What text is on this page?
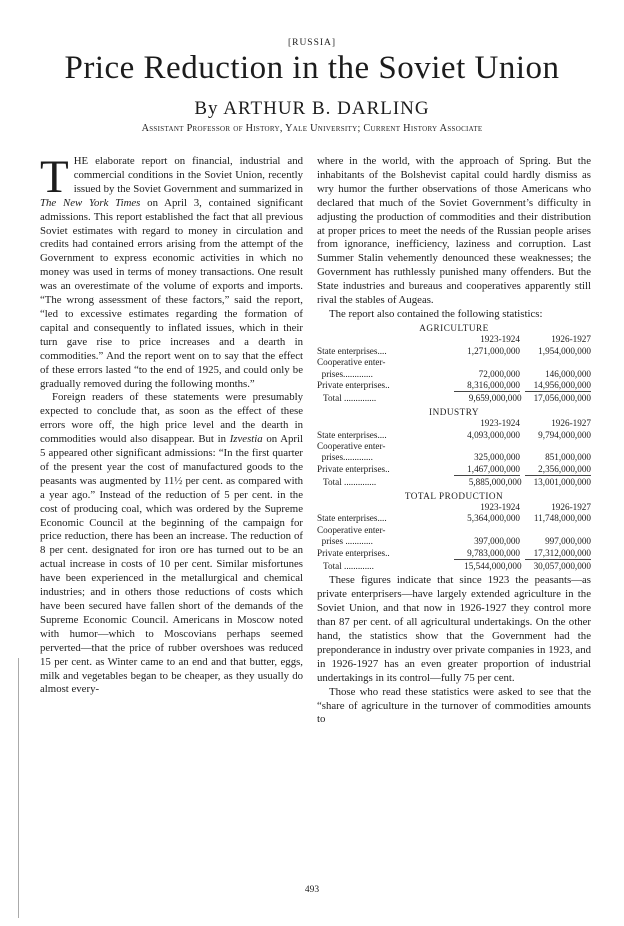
[RUSSIA]
Price Reduction in the Soviet Union
By ARTHUR B. DARLING
Assistant Professor of History, Yale University; Current History Associate

THE elaborate report on financial, industrial and commercial conditions in the Soviet Union, recently issued by the Soviet Government and summarized in The New York Times on April 3, contained significant admissions. This report established the fact that all previous Soviet estimates with regard to money in circulation and credits had contained errors arising from the attempt of the Government to express economic activities in which no money was used in terms of money transactions. One result was an overestimate of the volume of exports and imports. “The wrong assessment of these factors,” said the report, “led to excessive estimates regarding the formation of capital and consequently to inflated issues, which in their turn gave rise to price increases and a dearth in commodities.” And the report went on to say that the effect of these errors lasted “to the end of 1925, and could only be gradually removed during the following months.”

Foreign readers of these statements were presumably expected to conclude that, as soon as the effect of these errors wore off, the high price level and the dearth in commodities would also disappear. But in Izvestia on April 5 appeared other significant admissions: “In the first quarter of the present year the cost of manufactured goods to the peasants was augmented by 11½ per cent. as compared with a year ago.” Instead of the reduction of 5 per cent. in the cost of producing coal, which was ordered by the Supreme Economic Council at the beginning of the campaign for price reduction, there has been an increase. The reduction of 8 per cent. designated for iron ore has turned out to be an actual increase in costs of 10 per cent. Similar misfortunes have been experienced in the metallurgical and chemical industries; and in others those reductions of costs which have been secured have fallen short of the demands of the Supreme Economic Council. Americans in Moscow noted with humor—which to Moscovians perhaps seemed perverted—that the price of rubber overshoes was reduced 15 per cent. as Winter came to an end and that butter, eggs, milk and vegetables began to be cheaper, as they usually do almost every-

where in the world, with the approach of Spring. But the inhabitants of the Bolshevist capital could hardly dismiss as wry humor the further observations of those Americans who declared that much of the Soviet Government’s difficulty in adjusting the production of commodities and their distribution at proper prices to meet the needs of the Russian people arises from ignorance, inefficiency, laziness and corruption. Last Summer Stalin vehemently denounced these weaknesses; the Government has ruthlessly punished many offenders. But the State industries and bureaus and cooperatives apparently still rival the stables of Augeas.

The report also contained the following statistics:

AGRICULTURE
1923-1924	1926-1927
State enterprises....	1,271,000,000	1,954,000,000
Cooperative enter-
prises.............	72,000,000	146,000,000
Private enterprises..	8,316,000,000	14,956,000,000
Total ..............	9,659,000,000	17,056,000,000
INDUSTRY
1923-1924	1926-1927
State enterprises....	4,093,000,000	9,794,000,000
Cooperative enter-
prises.............	325,000,000	851,000,000
Private enterprises..	1,467,000,000	2,356,000,000
Total ..............	5,885,000,000	13,001,000,000
TOTAL PRODUCTION
1923-1924	1926-1927
State enterprises....	5,364,000,000	11,748,000,000
Cooperative enter-
prises ............	397,000,000	997,000,000
Private enterprises..	9,783,000,000	17,312,000,000
Total .............	15,544,000,000	30,057,000,000

These figures indicate that since 1923 the peasants—as private enterprisers—have largely extended agriculture in the Soviet Union, and that now in 1926-1927 they control more than 87 per cent. of all agricultural undertakings. On the other hand, the statistics show that the Government had the preponderance in industry over private companies in 1923, and in 1926-1927 has an even greater proportion of industrial undertakings in its control—fully 75 per cent.

Those who read these statistics were asked to see that the “share of agriculture in the turnover of commodities amounts to

493
